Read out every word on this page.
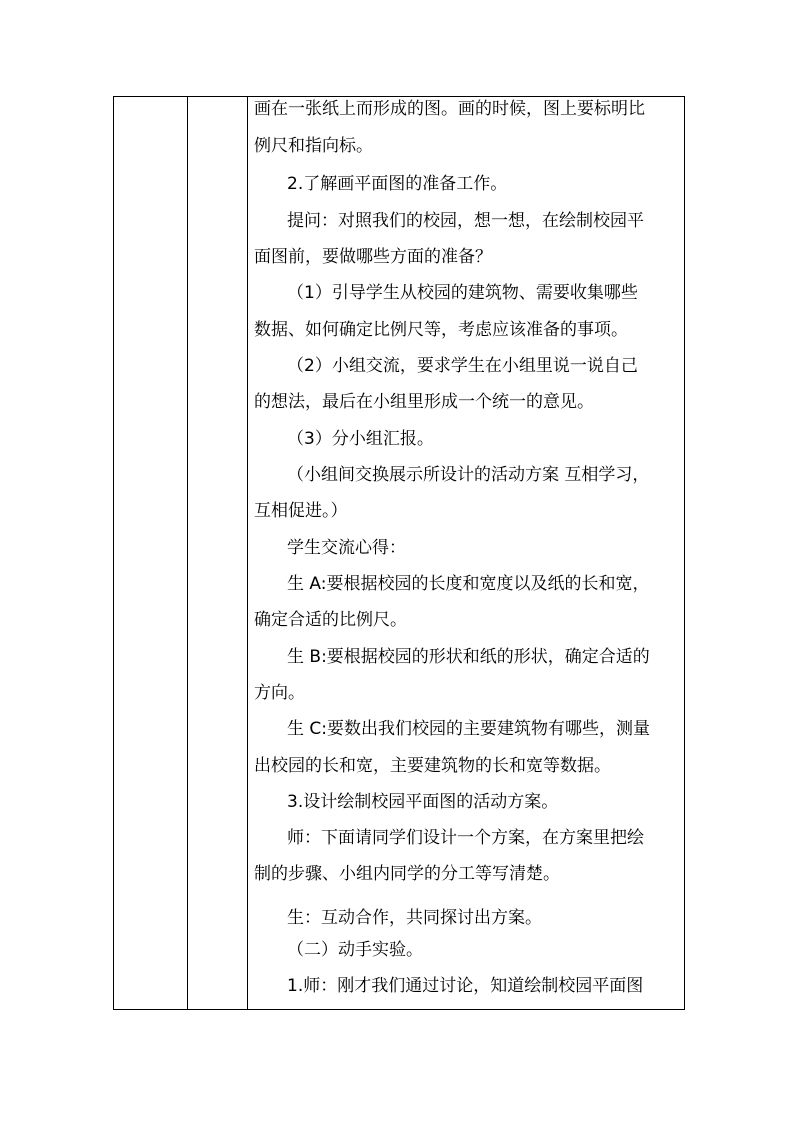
画在一张纸上而形成的图。画的时候，图上要标明比
例尺和指向标。
2.了解画平面图的准备工作。
提问：对照我们的校园，想一想，在绘制校园平
面图前，要做哪些方面的准备？
（1）引导学生从校园的建筑物、需要收集哪些
数据、如何确定比例尺等，考虑应该准备的事项。
（2）小组交流，要求学生在小组里说一说自己
的想法，最后在小组里形成一个统一的意见。
（3）分小组汇报。
（小组间交换展示所设计的活动方案 互相学习，
互相促进。）
学生交流心得：
生 A:要根据校园的长度和宽度以及纸的长和宽，
确定合适的比例尺。
生 B:要根据校园的形状和纸的形状，确定合适的
方向。
生 C:要数出我们校园的主要建筑物有哪些，测量
出校园的长和宽，主要建筑物的长和宽等数据。
3.设计绘制校园平面图的活动方案。
师：下面请同学们设计一个方案，在方案里把绘
制的步骤、小组内同学的分工等写清楚。
生：互动合作，共同探讨出方案。
（二）动手实验。
1.师：刚才我们通过讨论，知道绘制校园平面图
